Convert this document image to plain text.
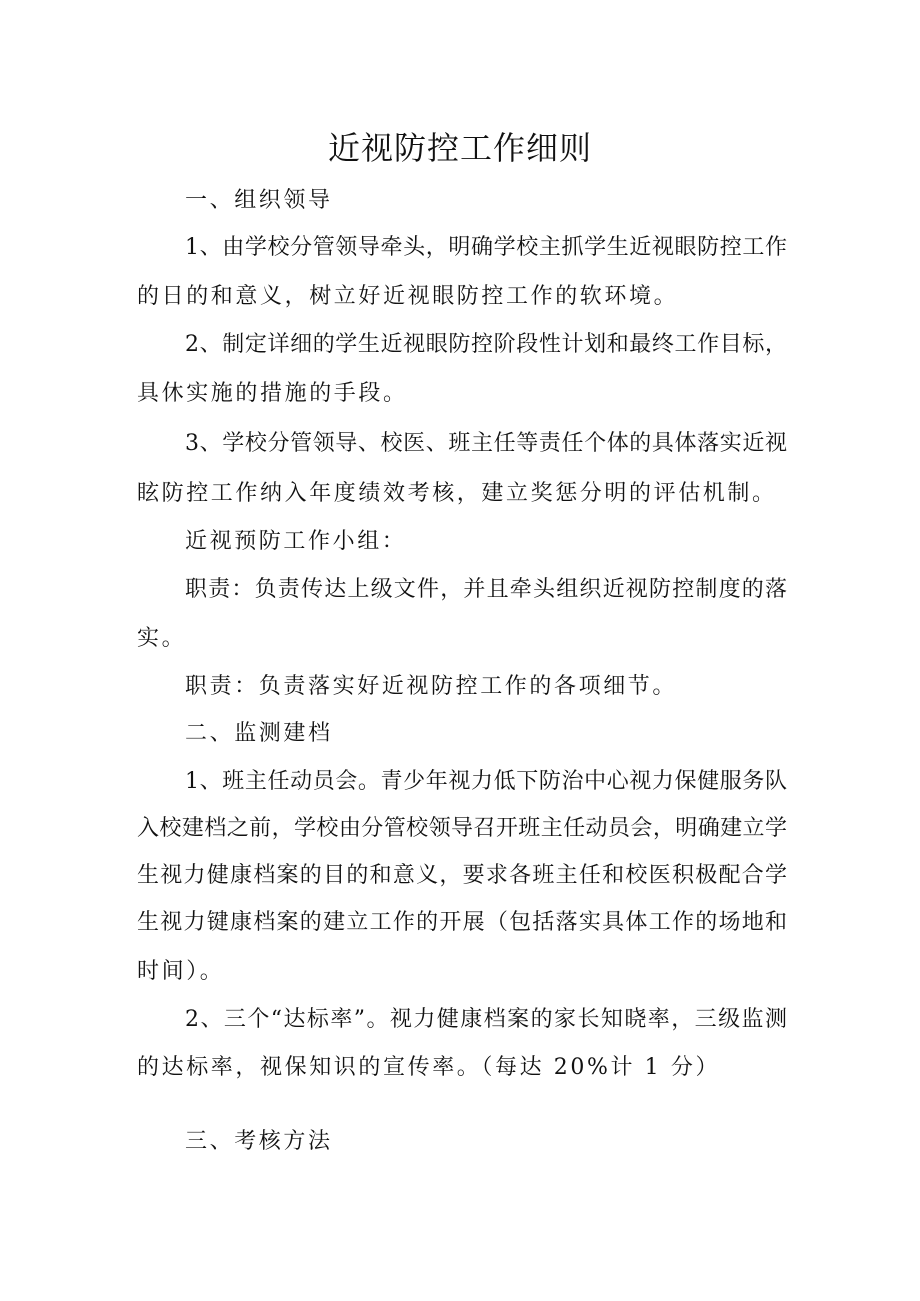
近视防控工作细则
一、组织领导
1、由学校分管领导牵头，明确学校主抓学生近视眼防控工作
的日的和意义，树立好近视眼防控工作的软环境。
2、制定详细的学生近视眼防控阶段性计划和最终工作目标，
具休实施的措施的手段。
3、学校分管领导、校医、班主任等责任个体的具体落实近视
眩防控工作纳入年度绩效考核，建立奖惩分明的评估机制。
近视预防工作小组：
职责：负责传达上级文件，并且牵头组织近视防控制度的落
实。
职责：负责落实好近视防控工作的各项细节。
二、监测建档
1、班主任动员会。青少年视力低下防治中心视力保健服务队
入校建档之前，学校由分管校领导召开班主任动员会，明确建立学
生视力健康档案的目的和意义，要求各班主任和校医积极配合学
生视力键康档案的建立工作的开展（包括落实具体工作的场地和
时间）。
2、三个“达标率”。视力健康档案的家长知晓率，三级监测
的达标率，视保知识的宣传率。（每达 20%计 1 分）
三、考核方法
